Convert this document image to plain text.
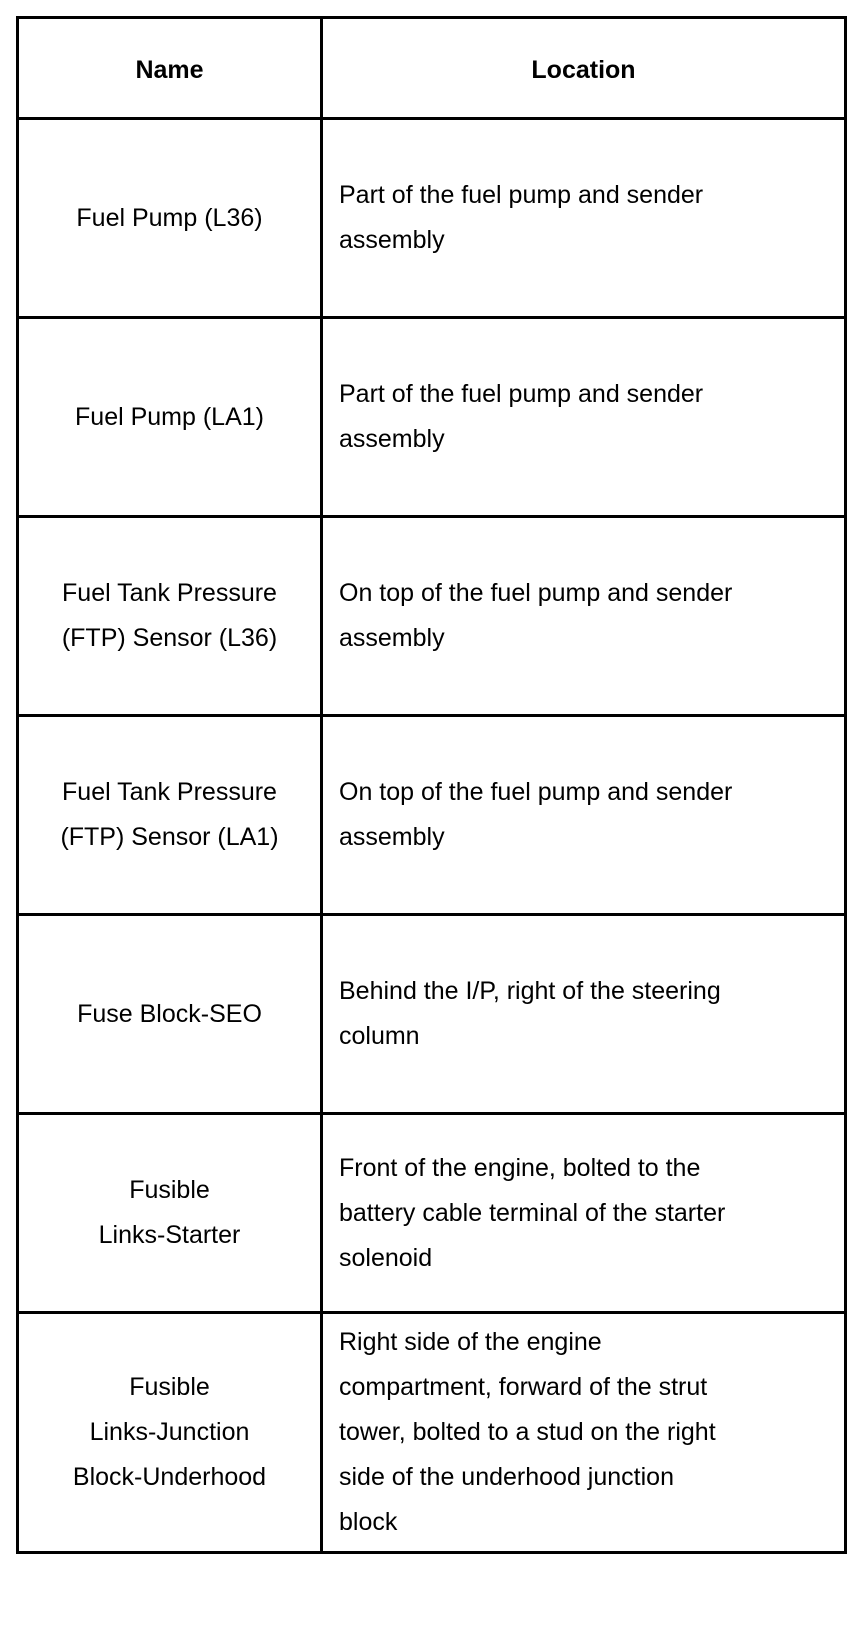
Name	Location

Fuel Pump (L36)	Part of the fuel pump and sender
assembly

Fuel Pump (LA1)	Part of the fuel pump and sender
assembly

Fuel Tank Pressure
(FTP) Sensor (L36)	On top of the fuel pump and sender
assembly

Fuel Tank Pressure
(FTP) Sensor (LA1)	On top of the fuel pump and sender
assembly

Fuse Block-SEO	Behind the I/P, right of the steering
column

Fusible
Links-Starter	Front of the engine, bolted to the
battery cable terminal of the starter
solenoid

Fusible
Links-Junction
Block-Underhood	Right side of the engine
compartment, forward of the strut
tower, bolted to a stud on the right
side of the underhood junction
block
